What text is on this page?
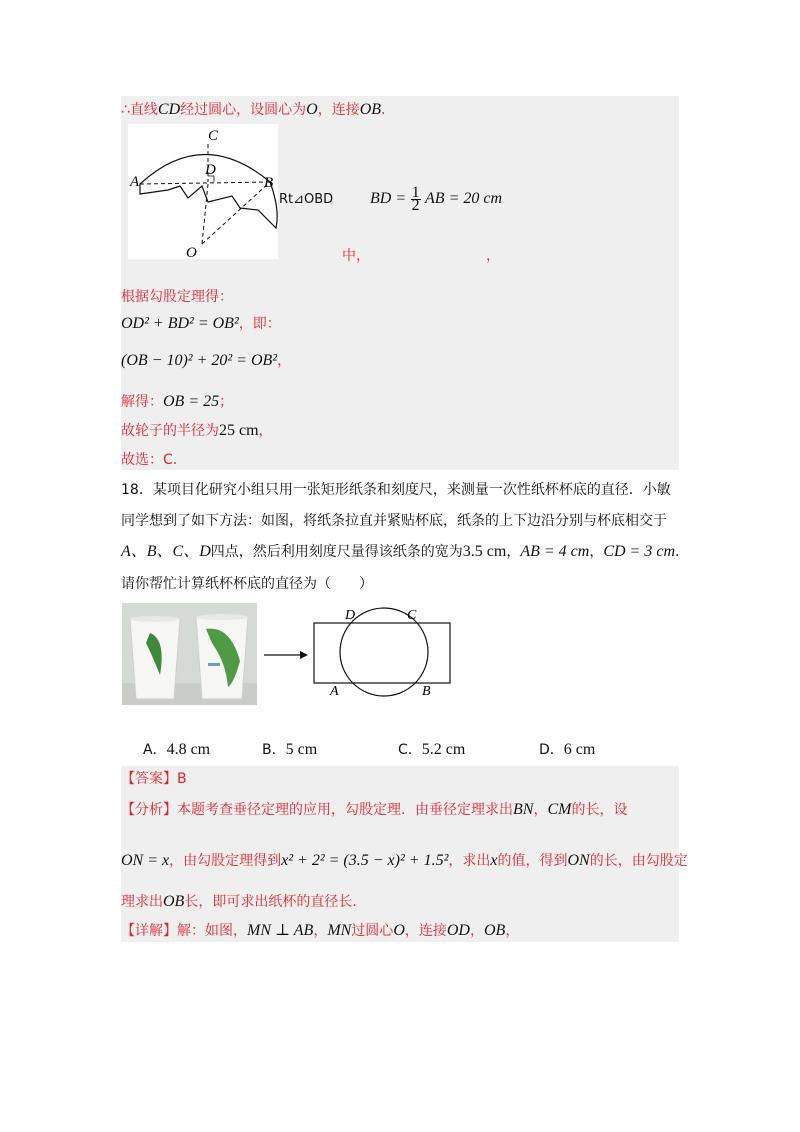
∴直线CD经过圆心，设圆心为O，连接OB.
C
D
A	B
O
Rt⊿OBD BD = $\frac{1}{2}$ AB = 20 cm
中，	，
根据勾股定理得：
OD² + BD² = OB²，即：
(OB − 10)² + 20² = OB²，
解得：OB = 25；
故轮子的半径为25 cm，
故选：C.
18．某项目化研究小组只用一张矩形纸条和刻度尺，来测量一次性纸杯杯底的直径．小敏
同学想到了如下方法：如图，将纸条拉直并紧贴杯底，纸条的上下边沿分别与杯底相交于
A、B、C、D四点，然后利用刻度尺量得该纸条的宽为3.5 cm，AB = 4 cm，CD = 3 cm.
请你帮忙计算纸杯杯底的直径为（　　）
D	C
A	B
A．4.8 cm	B．5 cm	C．5.2 cm	D．6 cm
【答案】B
【分析】本题考查垂径定理的应用，勾股定理．由垂径定理求出BN，CM的长，设
ON = x，由勾股定理得到x² + 2² = (3.5 − x)² + 1.5²，求出x的值，得到ON的长，由勾股定
理求出OB长，即可求出纸杯的直径长．
【详解】解：如图，MN ⊥ AB，MN过圆心O，连接OD，OB，
